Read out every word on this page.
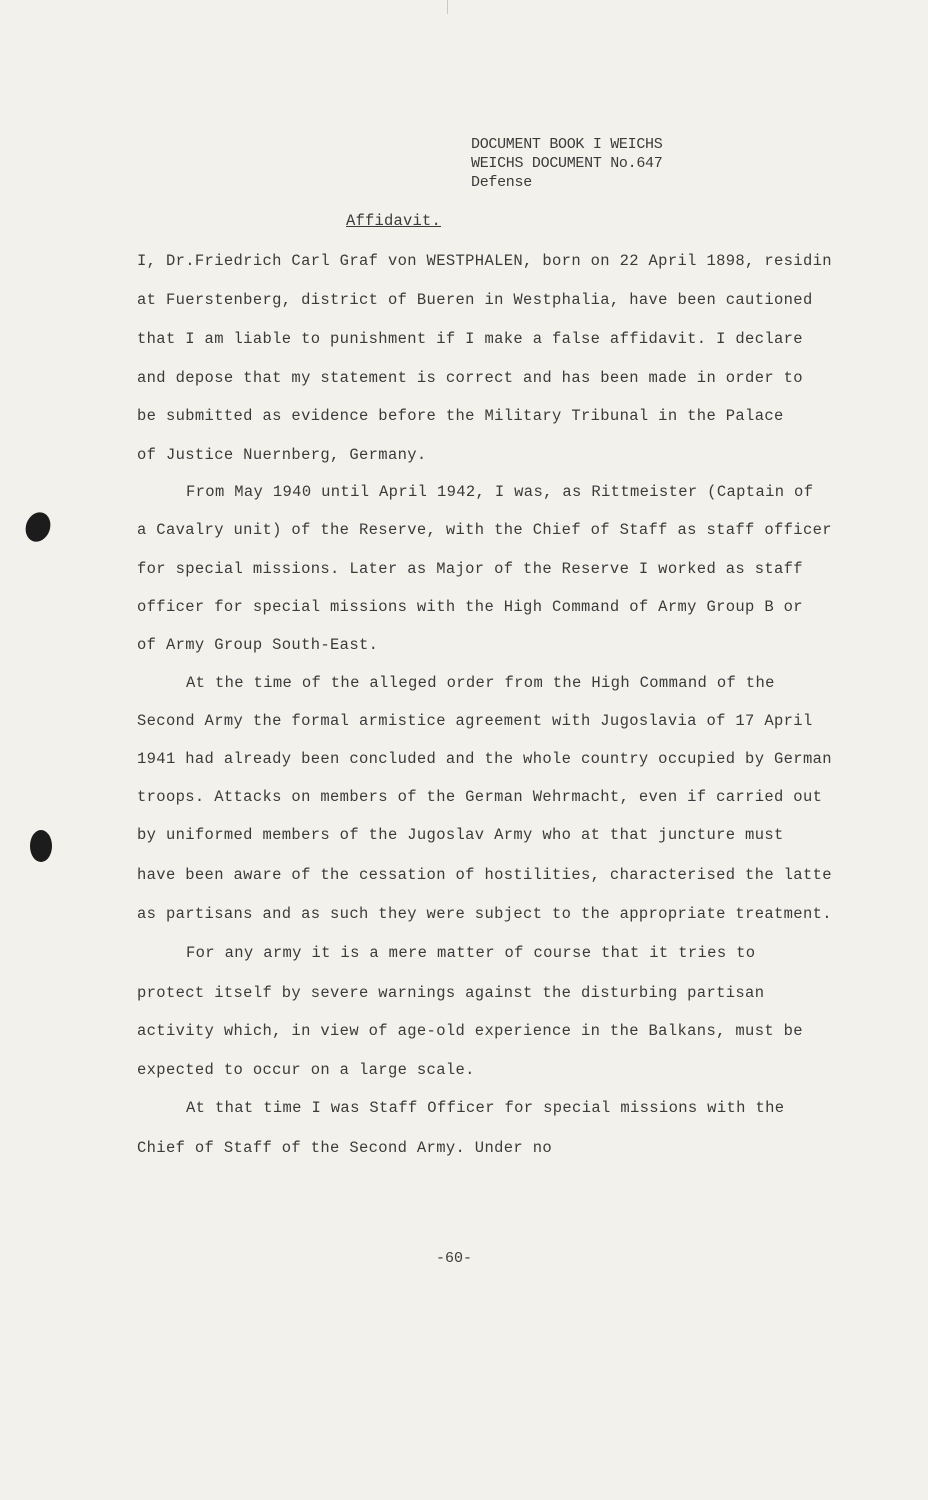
DOCUMENT BOOK I WEICHS
WEICHS DOCUMENT No.647
Defense
Affidavit.
I, Dr.Friedrich Carl Graf von WESTPHALEN, born on 22 April 1898, residin
at Fuerstenberg, district of Bueren in Westphalia, have been cautioned
that I am liable to punishment if I make a false affidavit. I declare
and depose that my statement is correct and has been made in order to
be submitted as evidence before the Military Tribunal in the Palace
of Justice Nuernberg, Germany.
From May 1940 until April 1942, I was, as Rittmeister (Captain of
a Cavalry unit) of the Reserve, with the Chief of Staff as staff officer
for special missions. Later as Major of the Reserve I worked as staff
officer for special missions with the High Command of Army Group B or
of Army Group South-East.
At the time of the alleged order from the High Command of the
Second Army the formal armistice agreement with Jugoslavia of 17 April
1941 had already been concluded and the whole country occupied by German
troops. Attacks on members of the German Wehrmacht, even if carried out
by uniformed members of the Jugoslav Army who at that juncture must
have been aware of the cessation of hostilities, characterised the latte
as partisans and as such they were subject to the appropriate treatment.
For any army it is a mere matter of course that it tries to
protect itself by severe warnings against the disturbing partisan
activity which, in view of age-old experience in the Balkans, must be
expected to occur on a large scale.
At that time I was Staff Officer for special missions with the
Chief of Staff of the Second Army. Under no
-60-
